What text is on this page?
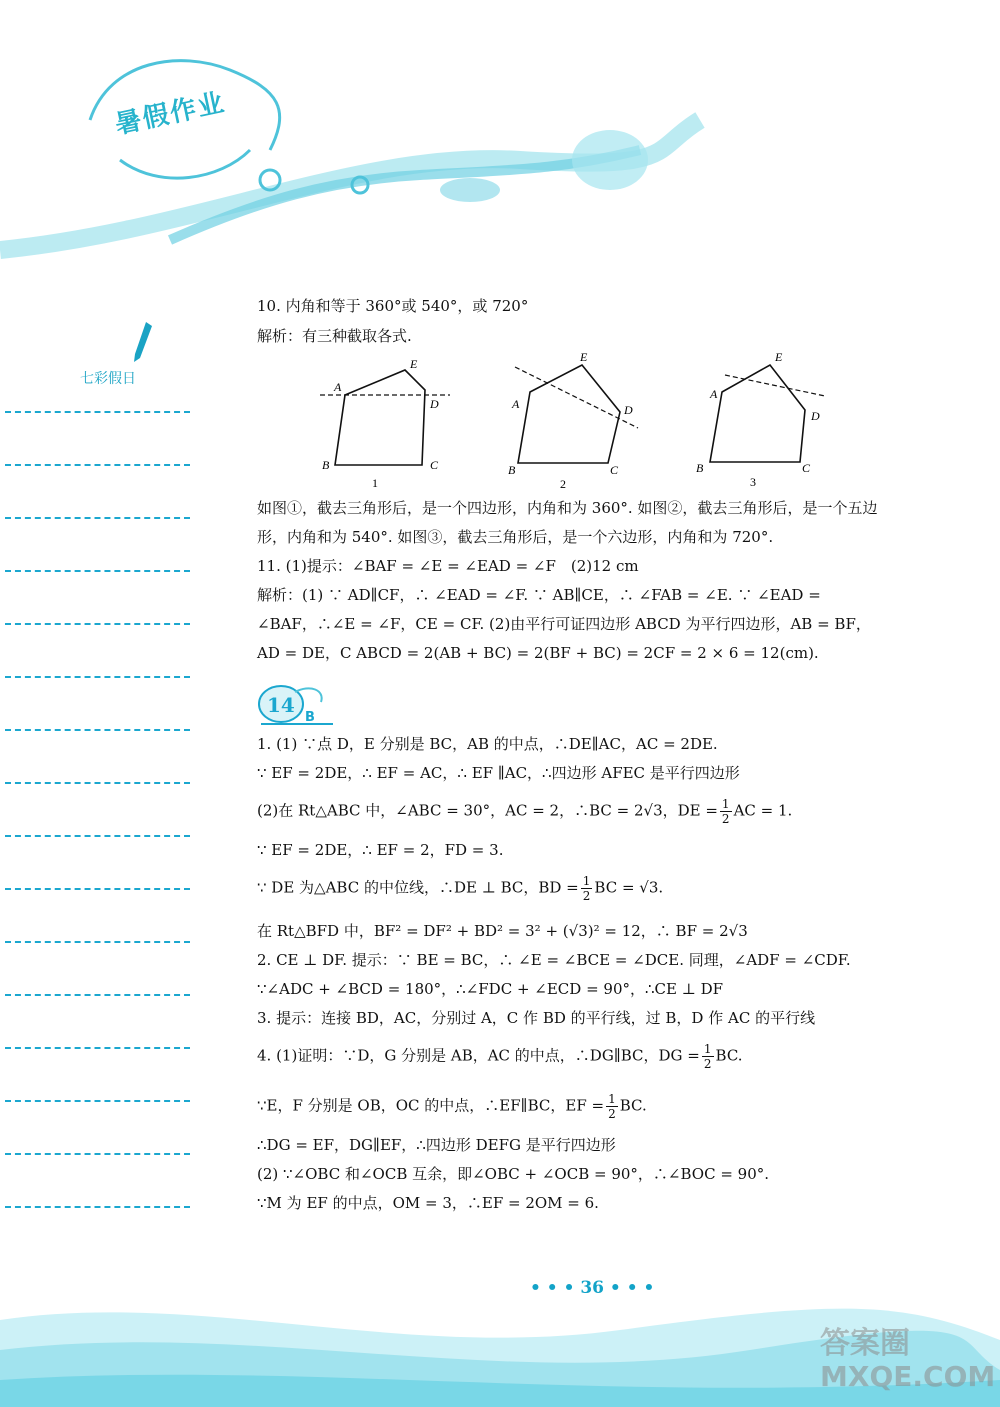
暑假作业
七彩假日
10. 内角和等于 360°或 540°，或 720°
解析：有三种截取各式.
A
E
D
B	C
1
E
A	D
B	C
2
E
A
D
B	C
3
如图①，截去三角形后，是一个四边形，内角和为 360°. 如图②，截去三角形后，是一个五边
形，内角和为 540°. 如图③，截去三角形后，是一个六边形，内角和为 720°.
11. (1)提示：∠BAF = ∠E = ∠EAD = ∠F　(2)12 cm
解析：(1) ∵ AD∥CF，∴ ∠EAD = ∠F. ∵ AB∥CE，∴ ∠FAB = ∠E. ∵ ∠EAD =
∠BAF，∴∠E = ∠F，CE = CF. (2)由平行可证四边形 ABCD 为平行四边形，AB = BF，
AD = DE，C ABCD = 2(AB + BC) = 2(BF + BC) = 2CF = 2 × 6 = 12(cm).
14
B
1. (1) ∵点 D，E 分别是 BC，AB 的中点，∴DE∥AC，AC = 2DE.
∵ EF = 2DE，∴ EF = AC，∴ EF ∥AC，∴四边形 AFEC 是平行四边形
(2)在 Rt△ABC 中，∠ABC = 30°，AC = 2，∴BC = 2√3，DE = $\frac{1}{2}$ AC = 1.
∵ EF = 2DE，∴ EF = 2，FD = 3.
∵ DE 为△ABC 的中位线，∴DE ⊥ BC，BD = $\frac{1}{2}$ BC = √3.
在 Rt△BFD 中，BF² = DF² + BD² = 3² + (√3)² = 12，∴ BF = 2√3
2. CE ⊥ DF. 提示：∵ BE = BC，∴ ∠E = ∠BCE = ∠DCE. 同理，∠ADF = ∠CDF.
∵∠ADC + ∠BCD = 180°，∴∠FDC + ∠ECD = 90°，∴CE ⊥ DF
3. 提示：连接 BD，AC，分别过 A，C 作 BD 的平行线，过 B，D 作 AC 的平行线
4. (1)证明：∵D，G 分别是 AB，AC 的中点，∴DG∥BC，DG = $\frac{1}{2}$ BC.
∵E，F 分别是 OB，OC 的中点，∴EF∥BC，EF = $\frac{1}{2}$ BC.
∴DG = EF，DG∥EF，∴四边形 DEFG 是平行四边形
(2) ∵∠OBC 和∠OCB 互余，即∠OBC + ∠OCB = 90°，∴∠BOC = 90°.
∵M 为 EF 的中点，OM = 3，∴EF = 2OM = 6.
• • • 36 • • •
答案圈
MXQE.COM
